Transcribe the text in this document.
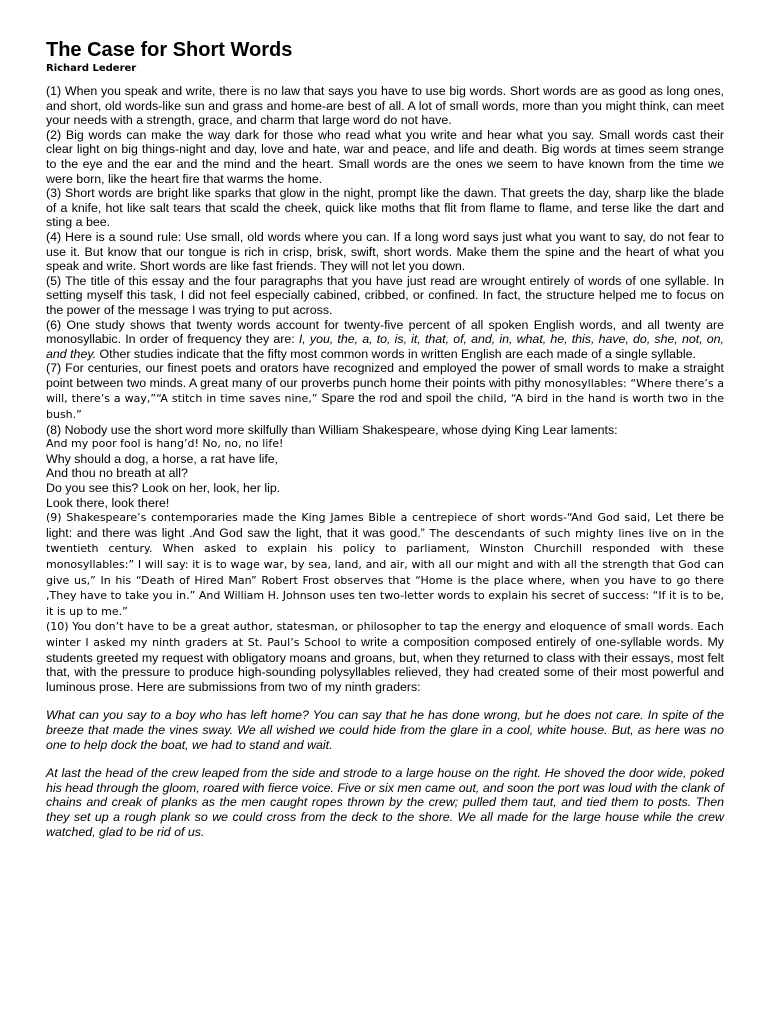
The Case for Short Words
Richard Lederer

(1) When you speak and write, there is no law that says you have to use big words. Short words are as good as long ones, and short, old words-like sun and grass and home-are best of all. A lot of small words, more than you might think, can meet your needs with a strength, grace, and charm that large word do not have.

(2) Big words can make the way dark for those who read what you write and hear what you say. Small words cast their clear light on big things-night and day, love and hate, war and peace, and life and death. Big words at times seem strange to the eye and the ear and the mind and the heart. Small words are the ones we seem to have known from the time we were born, like the heart fire that warms the home.

(3) Short words are bright like sparks that glow in the night, prompt like the dawn. That greets the day, sharp like the blade of a knife, hot like salt tears that scald the cheek, quick like moths that flit from flame to flame, and terse like the dart and sting a bee.

(4) Here is a sound rule: Use small, old words where you can. If a long word says just what you want to say, do not fear to use it. But know that our tongue is rich in crisp, brisk, swift, short words. Make them the spine and the heart of what you speak and write. Short words are like fast friends. They will not let you down.

(5) The title of this essay and the four paragraphs that you have just read are wrought entirely of words of one syllable. In setting myself this task, I did not feel especially cabined, cribbed, or confined. In fact, the structure helped me to focus on the power of the message I was trying to put across.

(6) One study shows that twenty words account for twenty-five percent of all spoken English words, and all twenty are monosyllabic. In order of frequency they are: I, you, the, a, to, is, it, that, of, and, in, what, he, this, have, do, she, not, on, and they. Other studies indicate that the fifty most common words in written English are each made of a single syllable.

(7) For centuries, our finest poets and orators have recognized and employed the power of small words to make a straight point between two minds. A great many of our proverbs punch home their points with pithy monosyllables: “Where there’s a will, there’s a way,”“A stitch in time saves nine,” Spare the rod and spoil the child, “A bird in the hand is worth two in the bush.”

(8) Nobody use the short word more skilfully than William Shakespeare, whose dying King Lear laments:

And my poor fool is hang’d! No, no, no life!

Why should a dog, a horse, a rat have life,

And thou no breath at all?

Do you see this? Look on her, look, her lip.

Look there, look there!

(9) Shakespeare’s contemporaries made the King James Bible a centrepiece of short words-“And God said, Let there be light: and there was light .And God saw the light, that it was good.” The descendants of such mighty lines live on in the twentieth century. When asked to explain his policy to parliament, Winston Churchill responded with these monosyllables:” I will say: it is to wage war, by sea, land, and air, with all our might and with all the strength that God can give us,” In his “Death of Hired Man” Robert Frost observes that “Home is the place where, when you have to go there ,They have to take you in.” And William H. Johnson uses ten two-letter words to explain his secret of success: “If it is to be, it is up to me.”

(10) You don’t have to be a great author, statesman, or philosopher to tap the energy and eloquence of small words. Each winter I asked my ninth graders at St. Paul’s School to write a composition composed entirely of one-syllable words. My students greeted my request with obligatory moans and groans, but, when they returned to class with their essays, most felt that, with the pressure to produce high-sounding polysyllables relieved, they had created some of their most powerful and luminous prose. Here are submissions from two of my ninth graders:

What can you say to a boy who has left home? You can say that he has done wrong, but he does not care. In spite of the breeze that made the vines sway. We all wished we could hide from the glare in a cool, white house. But, as here was no one to help dock the boat, we had to stand and wait.

At last the head of the crew leaped from the side and strode to a large house on the right. He shoved the door wide, poked his head through the gloom, roared with fierce voice. Five or six men came out, and soon the port was loud with the clank of chains and creak of planks as the men caught ropes thrown by the crew; pulled them taut, and tied them to posts. Then they set up a rough plank so we could cross from the deck to the shore. We all made for the large house while the crew watched, glad to be rid of us.
